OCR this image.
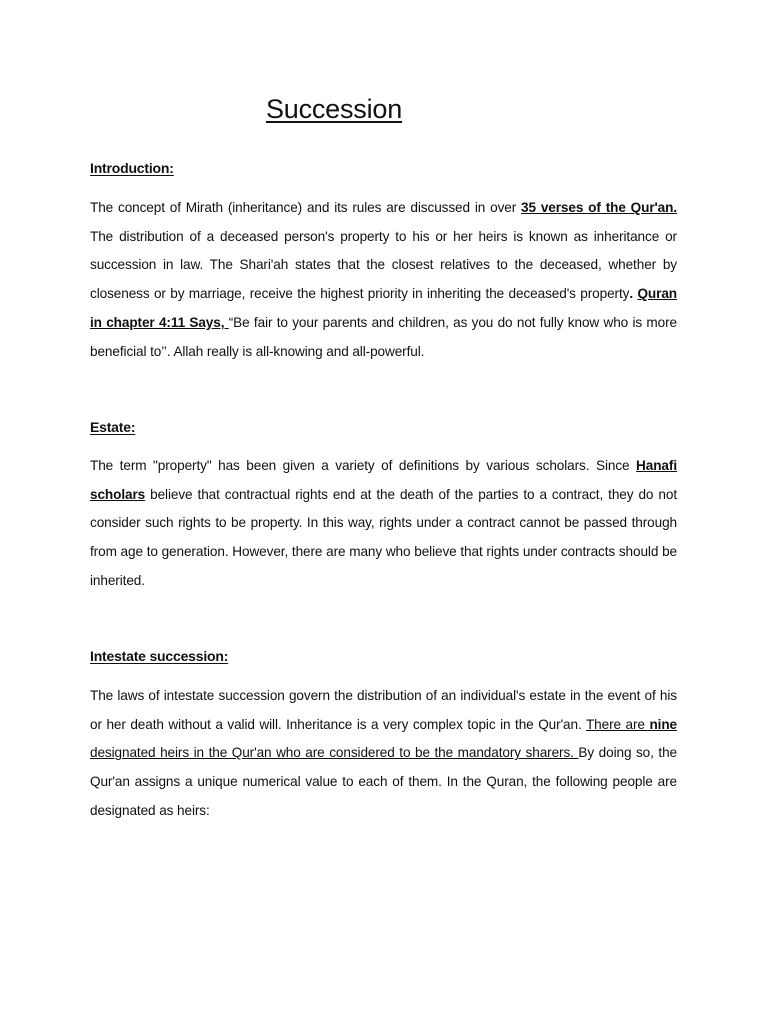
Succession
Introduction:
The concept of Mirath (inheritance) and its rules are discussed in over 35 verses of the Qur'an. The distribution of a deceased person's property to his or her heirs is known as inheritance or succession in law. The Shari'ah states that the closest relatives to the deceased, whether by closeness or by marriage, receive the highest priority in inheriting the deceased's property. Quran in chapter 4:11 Says, “Be fair to your parents and children, as you do not fully know who is more beneficial to’’. Allah really is all-knowing and all-powerful.
Estate:
The term "property" has been given a variety of definitions by various scholars. Since Hanafi scholars believe that contractual rights end at the death of the parties to a contract, they do not consider such rights to be property. In this way, rights under a contract cannot be passed through from age to generation. However, there are many who believe that rights under contracts should be inherited.
Intestate succession:
The laws of intestate succession govern the distribution of an individual's estate in the event of his or her death without a valid will. Inheritance is a very complex topic in the Qur'an. There are nine designated heirs in the Qur'an who are considered to be the mandatory sharers. By doing so, the Qur'an assigns a unique numerical value to each of them. In the Quran, the following people are designated as heirs:
